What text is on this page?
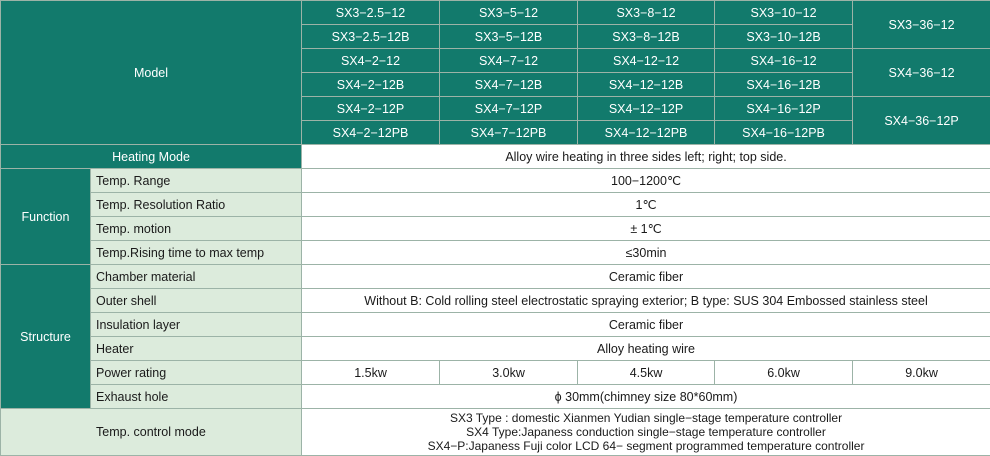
Model		SX3−2.5−12	SX3−5−12	SX3−8−12	SX3−10−12	SX3−36−12
		SX3−2.5−12B	SX3−5−12B	SX3−8−12B	SX3−10−12B	
		SX4−2−12	SX4−7−12	SX4−12−12	SX4−16−12	SX4−36−12
		SX4−2−12B	SX4−7−12B	SX4−12−12B	SX4−16−12B	
		SX4−2−12P	SX4−7−12P	SX4−12−12P	SX4−16−12P	SX4−36−12P
		SX4−2−12PB	SX4−7−12PB	SX4−12−12PB	SX4−16−12PB	
Heating Mode		Alloy wire heating in three sides left; right; top side.				
Function	Temp. Range	100−1200℃				
	Temp. Resolution Ratio	1℃				
	Temp. motion	± 1℃				
	Temp.Rising time to max temp	≤30min				
Structure	Chamber material	Ceramic fiber				
	Outer shell	Without B: Cold rolling steel electrostatic spraying exterior; B type: SUS 304 Embossed stainless steel				
	Insulation layer	Ceramic fiber				
	Heater	Alloy heating wire				
	Power rating	1.5kw	3.0kw	4.5kw	6.0kw	9.0kw
	Exhaust hole	ϕ 30mm(chimney size 80*60mm)				
Temp. control mode		SX3 Type : domestic Xianmen Yudian single−stage temperature controller
SX4 Type:Japaness conduction single−stage temperature controller
SX4−P:Japaness Fuji color LCD 64− segment programmed temperature controller				
